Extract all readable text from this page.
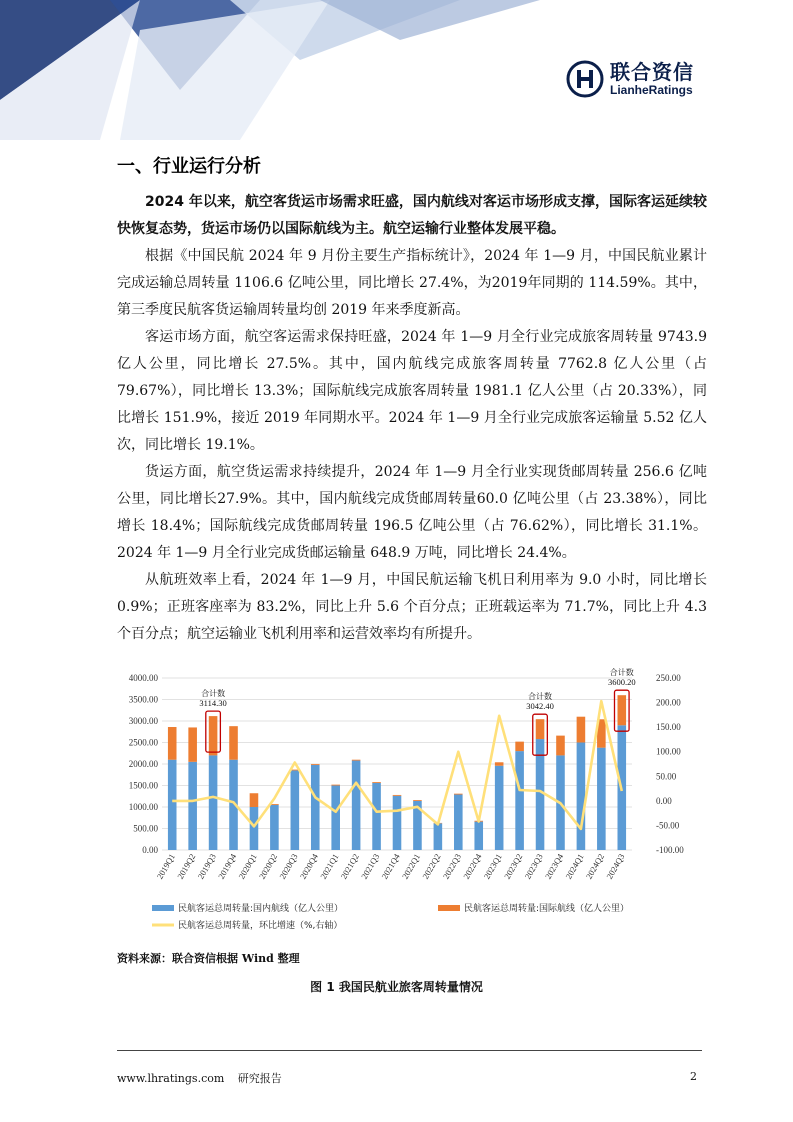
联合资信
LianheRatings
一、行业运行分析

2024 年以来，航空客货运市场需求旺盛，国内航线对客运市场形成支撑，国际客运延续较快恢复态势，货运市场仍以国际航线为主。航空运输行业整体发展平稳。

根据《中国民航 2024 年 9 月份主要生产指标统计》，2024 年 1—9 月，中国民航业累计完成运输总周转量 1106.6 亿吨公里，同比增长 27.4%，为2019年同期的 114.59%。其中，第三季度民航客货运输周转量均创 2019 年来季度新高。

客运市场方面，航空客运需求保持旺盛，2024 年 1—9 月全行业完成旅客周转量 9743.9 亿人公里，同比增长 27.5%。其中，国内航线完成旅客周转量 7762.8 亿人公里（占 79.67%），同比增长 13.3%；国际航线完成旅客周转量 1981.1 亿人公里（占 20.33%），同比增长 151.9%，接近 2019 年同期水平。2024 年 1—9 月全行业完成旅客运输量 5.52 亿人次，同比增长 19.1%。

货运方面，航空货运需求持续提升，2024 年 1—9 月全行业实现货邮周转量 256.6 亿吨公里，同比增长27.9%。其中，国内航线完成货邮周转量60.0 亿吨公里（占 23.38%），同比增长 18.4%；国际航线完成货邮周转量 196.5 亿吨公里（占 76.62%），同比增长 31.1%。2024 年 1—9 月全行业完成货邮运输量 648.9 万吨，同比增长 24.4%。

从航班效率上看，2024 年 1—9 月，中国民航运输飞机日利用率为 9.0 小时，同比增长 0.9%；正班客座率为 83.2%，同比上升 5.6 个百分点；正班载运率为 71.7%，同比上升 4.3 个百分点；航空运输业飞机利用率和运营效率均有所提升。

0.00
500.00
1000.00
1500.00
2000.00
2500.00
3000.00
3500.00
4000.00
-100.00
-50.00
0.00
50.00
100.00
150.00
200.00
250.00
2019Q1
2019Q2
2019Q3
2019Q4
2020Q1
2020Q2
2020Q3
2020Q4
2021Q1
2021Q2
2021Q3
2021Q4
2022Q1
2022Q2
2022Q3
2022Q4
2023Q1
2023Q2
2023Q3
2023Q4
2024Q1
2024Q2
2024Q3
合计数
3114.30
合计数
3042.40
合计数
3600.20
民航客运总周转量:国内航线（亿人公里）	民航客运总周转量:国际航线（亿人公里）
民航客运总周转量，环比增速（%,右轴）
资料来源：联合资信根据 Wind 整理
图 1 我国民航业旅客周转量情况
www.lhratings.com 研究报告	2
